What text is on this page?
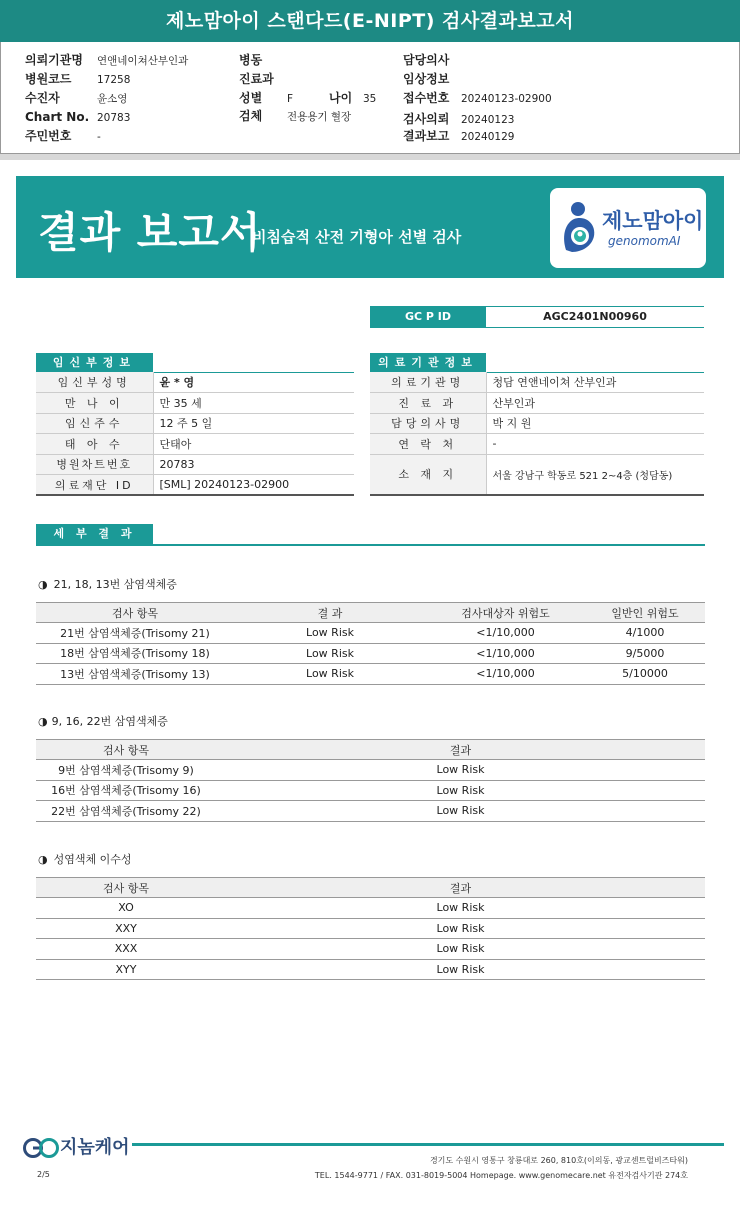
제노맘아이 스탠다드(E-NIPT) 검사결과보고서
의뢰기관명 연앤네이쳐산부인과
병원코드 17258
수진자	윤소영
Chart No. 20783
주민번호 -
병동
진료과
성별 F	나이 35
검체 전용용기 혈장
담당의사
임상정보
접수번호 20240123-02900
검사의뢰 20240123
결과보고 20240129
결과 보고서
비침습적 산전 기형아 선별 검사
제노맘아이
genomomAI
GC P ID	AGC2401N00960
임신부정보
임신부성명	윤 * 영
만 나 이	만 35 세
임신주수	12 주 5 일
태 아 수	단태아
병원차트번호	20783
의료재단 ID	[SML] 20240123-02900
의료기관정보
의료기관명	청담 연앤네이쳐 산부인과
진 료 과	산부인과
담당의사명	박 지 원
연 락 처	-
소 재 지	서울 강남구 학동로 521 2~4층 (청담동)
세 부 결 과
◑ 21, 18, 13번 삼염색체증
검사 항목	결 과	검사대상자 위험도	일반인 위험도
21번 삼염색체증(Trisomy 21)	Low Risk	<1/10,000	4/1000
18번 삼염색체증(Trisomy 18)	Low Risk	<1/10,000	9/5000
13번 삼염색체증(Trisomy 13)	Low Risk	<1/10,000	5/10000
◑ 9, 16, 22번 삼염색체증
검사 항목	결과
9번 삼염색체증(Trisomy 9)	Low Risk
16번 삼염색체증(Trisomy 16)	Low Risk
22번 삼염색체증(Trisomy 22)	Low Risk
◑ 성염색체 이수성
검사 항목	결과
XO	Low Risk
XXY	Low Risk
XXX	Low Risk
XYY	Low Risk
지놈케어
경기도 수원시 영통구 창룡대로 260, 810호(이의동, 광교센트럴비즈타워)
TEL. 1544-9771 / FAX. 031-8019-5004 Homepage. www.genomecare.net 유전자검사기관 274호
2/5
